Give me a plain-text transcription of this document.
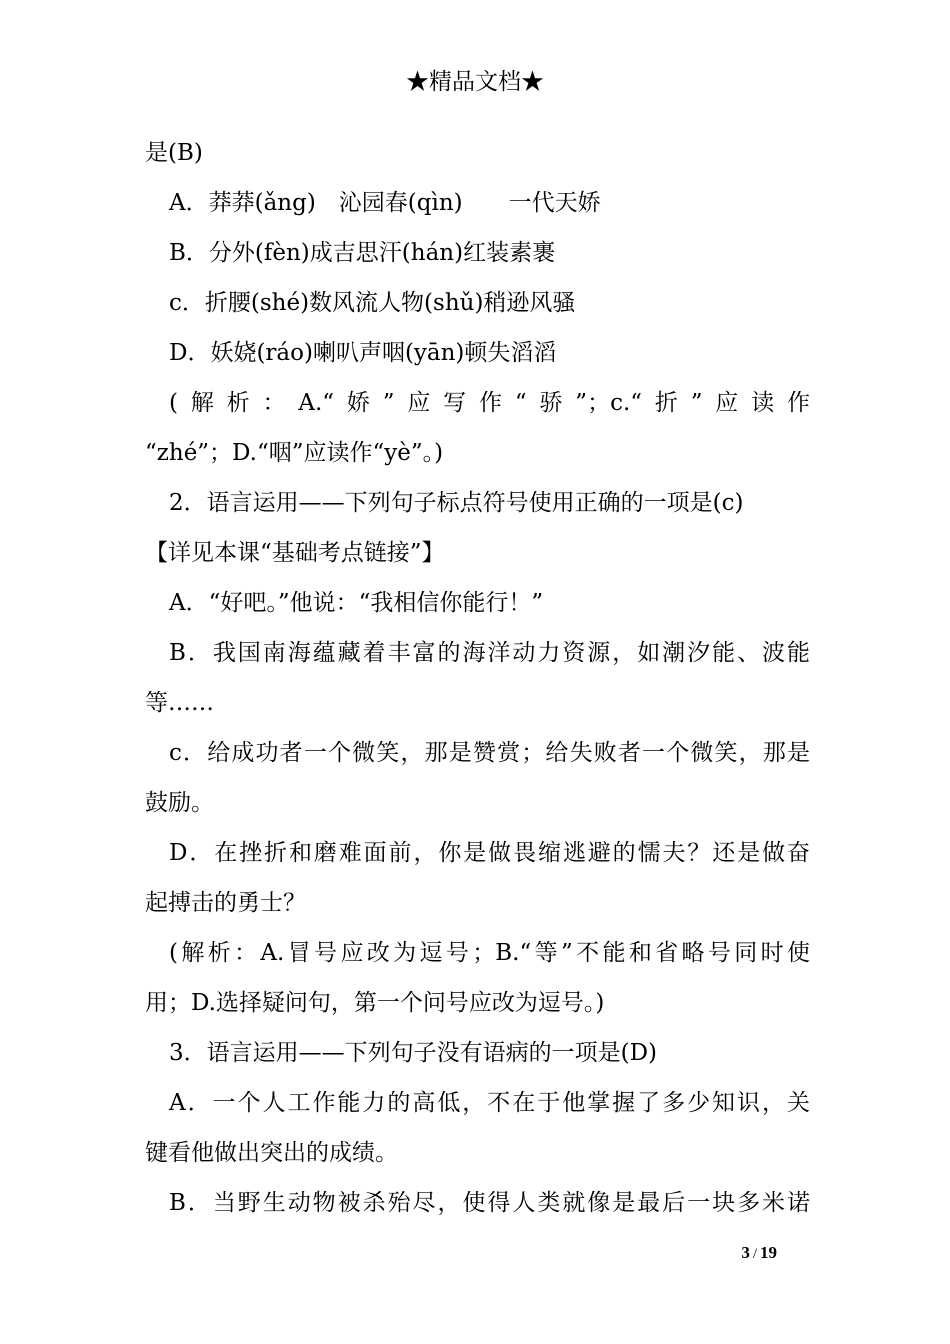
★精品文档★
是(B)
A．莽莽(ǎng)　沁园春(qìn)　　一代天娇
B．分外(fèn)成吉思汗(hán)红装素裹
c．折腰(shé)数风流人物(shǔ)稍逊风骚
D．妖娆(ráo)喇叭声咽(yān)顿失滔滔
(解析：A.“娇”应写作“骄”；c.“折”应读作
“zhé”；D.“咽”应读作“yè”。)
2．语言运用——下列句子标点符号使用正确的一项是(c)
【详见本课“基础考点链接”】
A．“好吧。”他说：“我相信你能行！”
B．我国南海蕴藏着丰富的海洋动力资源，如潮汐能、波能
等……
c．给成功者一个微笑，那是赞赏；给失败者一个微笑，那是
鼓励。
D．在挫折和磨难面前，你是做畏缩逃避的懦夫？还是做奋
起搏击的勇士？
(解析：A.冒号应改为逗号；B.“等”不能和省略号同时使
用；D.选择疑问句，第一个问号应改为逗号。)
3．语言运用——下列句子没有语病的一项是(D)
A．一个人工作能力的高低，不在于他掌握了多少知识，关
键看他做出突出的成绩。
B．当野生动物被杀殆尽，使得人类就像是最后一块多米诺
3 / 19
